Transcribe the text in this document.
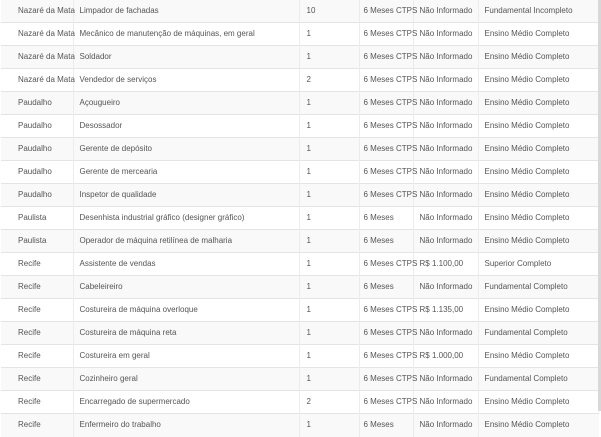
Nazaré da Mata	Limpador de fachadas	10	6 Meses CTPS	Não Informado	Fundamental Incompleto
Nazaré da Mata	Mecânico de manutenção de máquinas, em geral	1	6 Meses CTPS	Não Informado	Ensino Médio Completo
Nazaré da Mata	Soldador	1	6 Meses CTPS	Não Informado	Ensino Médio Completo
Nazaré da Mata	Vendedor de serviços	2	6 Meses CTPS	Não Informado	Ensino Médio Completo
Paudalho	Açougueiro	1	6 Meses CTPS	Não Informado	Ensino Médio Completo
Paudalho	Desossador	1	6 Meses CTPS	Não Informado	Ensino Médio Completo
Paudalho	Gerente de depósito	1	6 Meses CTPS	Não Informado	Ensino Médio Completo
Paudalho	Gerente de mercearia	1	6 Meses CTPS	Não Informado	Ensino Médio Completo
Paudalho	Inspetor de qualidade	1	6 Meses CTPS	Não Informado	Ensino Médio Completo
Paulista	Desenhista industrial gráfico (designer gráfico)	1	6 Meses	Não Informado	Ensino Médio Completo
Paulista	Operador de máquina retilínea de malharia	1	6 Meses	Não Informado	Ensino Médio Completo
Recife	Assistente de vendas	1	6 Meses CTPS	R$ 1.100,00	Superior Completo
Recife	Cabeleireiro	1	6 Meses	Não Informado	Fundamental Completo
Recife	Costureira de máquina overloque	1	6 Meses CTPS	R$ 1.135,00	Ensino Médio Completo
Recife	Costureira de máquina reta	1	6 Meses CTPS	Não Informado	Fundamental Completo
Recife	Costureira em geral	1	6 Meses CTPS	R$ 1.000,00	Ensino Médio Completo
Recife	Cozinheiro geral	1	6 Meses CTPS	Não Informado	Fundamental Completo
Recife	Encarregado de supermercado	2	6 Meses CTPS	Não Informado	Ensino Médio Completo
Recife	Enfermeiro do trabalho	1	6 Meses	Não Informado	Ensino Médio Completo
